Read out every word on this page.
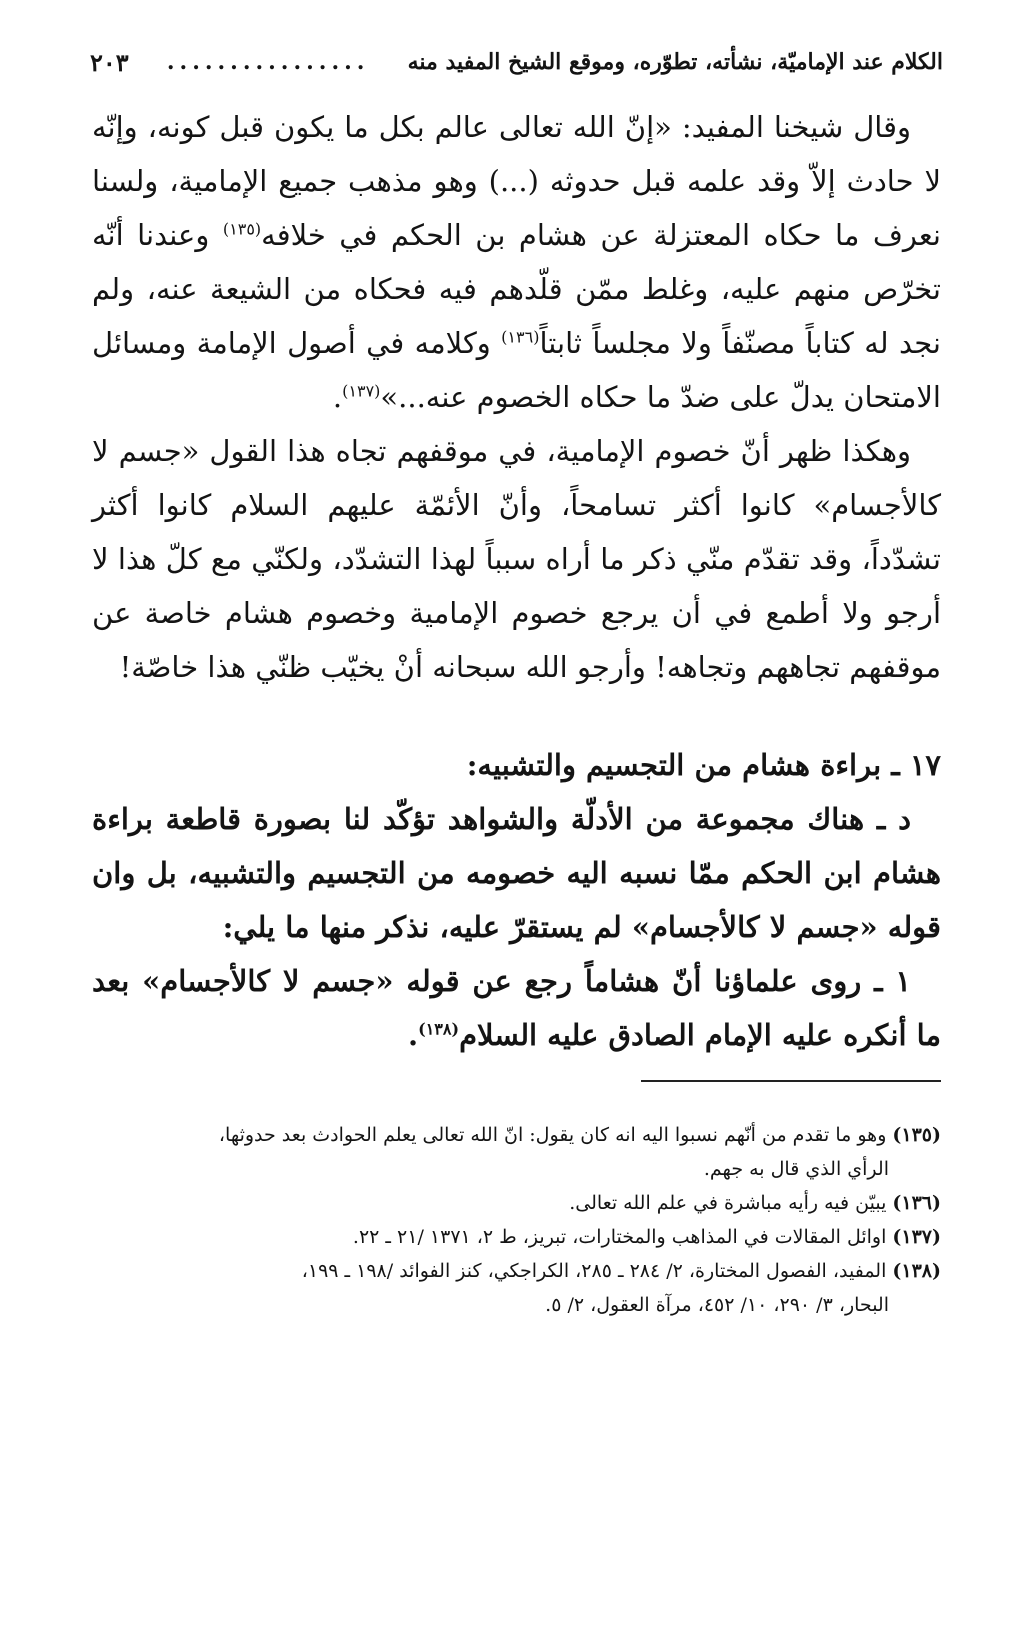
الكلام عند الإماميّة، نشأته، تطوّره، وموقع الشيخ المفيد منه
................
٢٠٣

وقال شيخنا المفيد: «إنّ الله تعالى عالم بكل ما يكون قبل كونه، وإنّه لا حادث إلاّ وقد علمه قبل حدوثه (...) وهو مذهب جميع الإمامية، ولسنا نعرف ما حكاه المعتزلة عن هشام بن الحكم في خلافه$^{(١٣٥)}$ وعندنا أنّه تخرّص منهم عليه، وغلط ممّن قلّدهم فيه فحكاه من الشيعة عنه، ولم نجد له كتاباً مصنّفاً ولا مجلساً ثابتاً$^{(١٣٦)}$ وكلامه في أصول الإمامة ومسائل الامتحان يدلّ على ضدّ ما حكاه الخصوم عنه...»$^{(١٣٧)}$.

وهكذا ظهر أنّ خصوم الإمامية، في موقفهم تجاه هذا القول «جسم لا كالأجسام» كانوا أكثر تسامحاً، وأنّ الأئمّة عليهم السلام كانوا أكثر تشدّداً، وقد تقدّم منّي ذكر ما أراه سبباً لهذا التشدّد، ولكنّي مع كلّ هذا لا أرجو ولا أطمع في أن يرجع خصوم الإمامية وخصوم هشام خاصة عن موقفهم تجاههم وتجاهه! وأرجو الله سبحانه أنْ يخيّب ظنّي هذا خاصّة!

١٧ ـ براءة هشام من التجسيم والتشبيه:

د ـ هناك مجموعة من الأدلّة والشواهد تؤكّد لنا بصورة قاطعة براءة هشام ابن الحكم ممّا نسبه اليه خصومه من التجسيم والتشبيه، بل وان قوله «جسم لا كالأجسام» لم يستقرّ عليه، نذكر منها ما يلي:

١ ـ روى علماؤنا أنّ هشاماً رجع عن قوله «جسم لا كالأجسام» بعد ما أنكره عليه الإمام الصادق عليه السلام$^{(١٣٨)}$.

(١٣٥)وهو ما تقدم من أنّهم نسبوا اليه انه كان يقول: انّ الله تعالى يعلم الحوادث بعد حدوثها،

الرأي الذي قال به جهم.

(١٣٦)يبيّن فيه رأيه مباشرة في علم الله تعالى.

(١٣٧)اوائل المقالات في المذاهب والمختارات، تبريز، ط ٢، ١٣٧١ /٢١ ـ ٢٢.

(١٣٨)المفيد، الفصول المختارة، ٢/ ٢٨٤ ـ ٢٨٥، الكراجكي، كنز الفوائد /١٩٨ ـ ١٩٩،

البحار، ٣/ ٢٩٠، ١٠/ ٤٥٢، مرآة العقول، ٢/ ٥.
